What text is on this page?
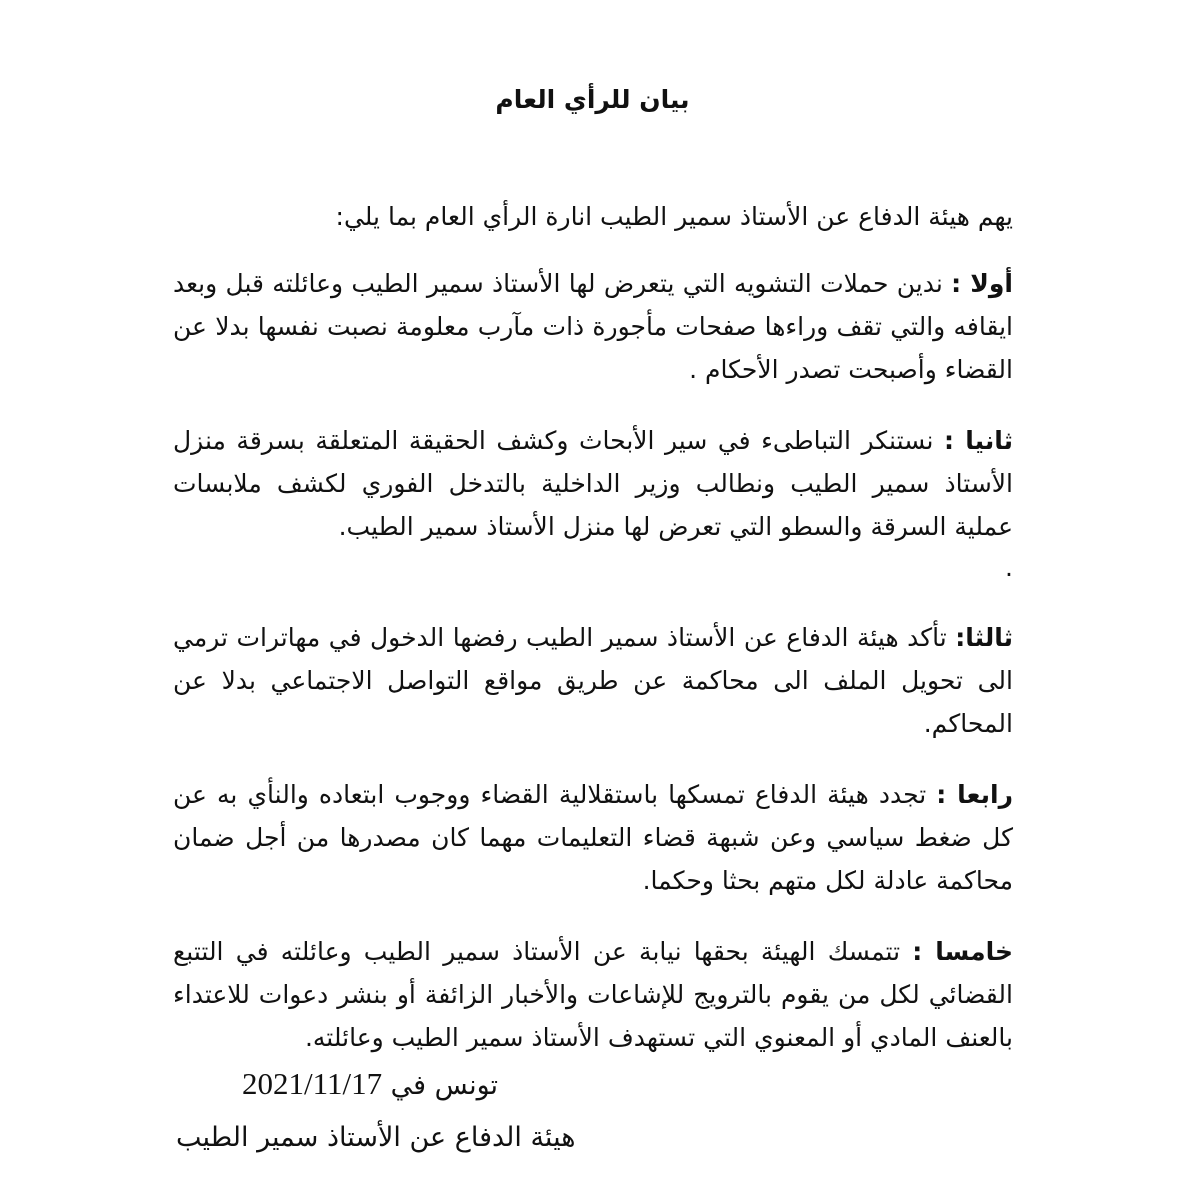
بيان للرأي العام

يهم هيئة الدفاع عن الأستاذ سمير الطيب انارة الرأي العام بما يلي:

أولا : ندين حملات التشويه التي يتعرض لها الأستاذ سمير الطيب وعائلته قبل وبعد ايقافه والتي تقف وراءها صفحات مأجورة ذات مآرب معلومة نصبت نفسها بدلا عن القضاء وأصبحت تصدر الأحكام .

ثانيا : نستنكر التباطىء في سير الأبحاث وكشف الحقيقة المتعلقة بسرقة منزل الأستاذ سمير الطيب ونطالب وزير الداخلية بالتدخل الفوري لكشف ملابسات عملية السرقة والسطو التي تعرض لها منزل الأستاذ سمير الطيب.
.

ثالثا: تأكد هيئة الدفاع عن الأستاذ سمير الطيب رفضها الدخول في مهاترات ترمي الى تحويل الملف الى محاكمة عن طريق مواقع التواصل الاجتماعي بدلا عن المحاكم.

رابعا : تجدد هيئة الدفاع تمسكها باستقلالية القضاء ووجوب ابتعاده والنأي به عن كل ضغط سياسي وعن شبهة قضاء التعليمات مهما كان مصدرها من أجل ضمان محاكمة عادلة لكل متهم بحثا وحكما.

خامسا : تتمسك الهيئة بحقها نيابة عن الأستاذ سمير الطيب وعائلته في التتبع القضائي لكل من يقوم بالترويج للإشاعات والأخبار الزائفة أو بنشر دعوات للاعتداء بالعنف المادي أو المعنوي التي تستهدف الأستاذ سمير الطيب وعائلته.

تونس في 2021/11/17
هيئة الدفاع عن الأستاذ سمير الطيب
